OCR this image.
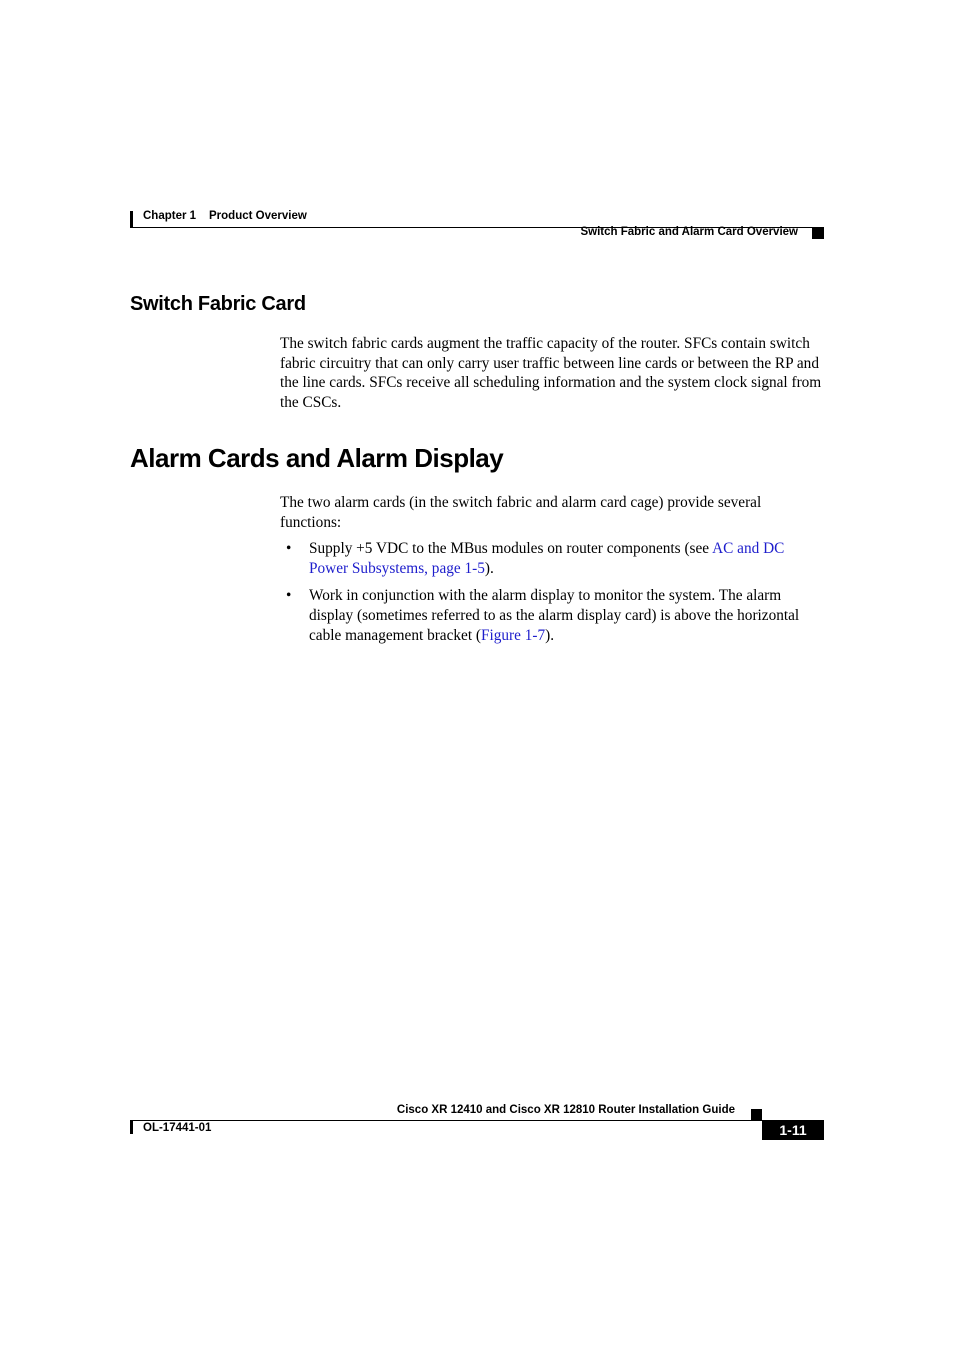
Chapter 1 Product Overview
Switch Fabric and Alarm Card Overview
Switch Fabric Card
The switch fabric cards augment the traffic capacity of the router. SFCs contain switch fabric circuitry that can only carry user traffic between line cards or between the RP and the line cards. SFCs receive all scheduling information and the system clock signal from the CSCs.
Alarm Cards and Alarm Display
The two alarm cards (in the switch fabric and alarm card cage) provide several functions:
• Supply +5 VDC to the MBus modules on router components (see AC and DC Power Subsystems, page 1-5).
• Work in conjunction with the alarm display to monitor the system. The alarm display (sometimes referred to as the alarm display card) is above the horizontal cable management bracket (Figure 1-7).
Cisco XR 12410 and Cisco XR 12810 Router Installation Guide
OL-17441-01	1-11
